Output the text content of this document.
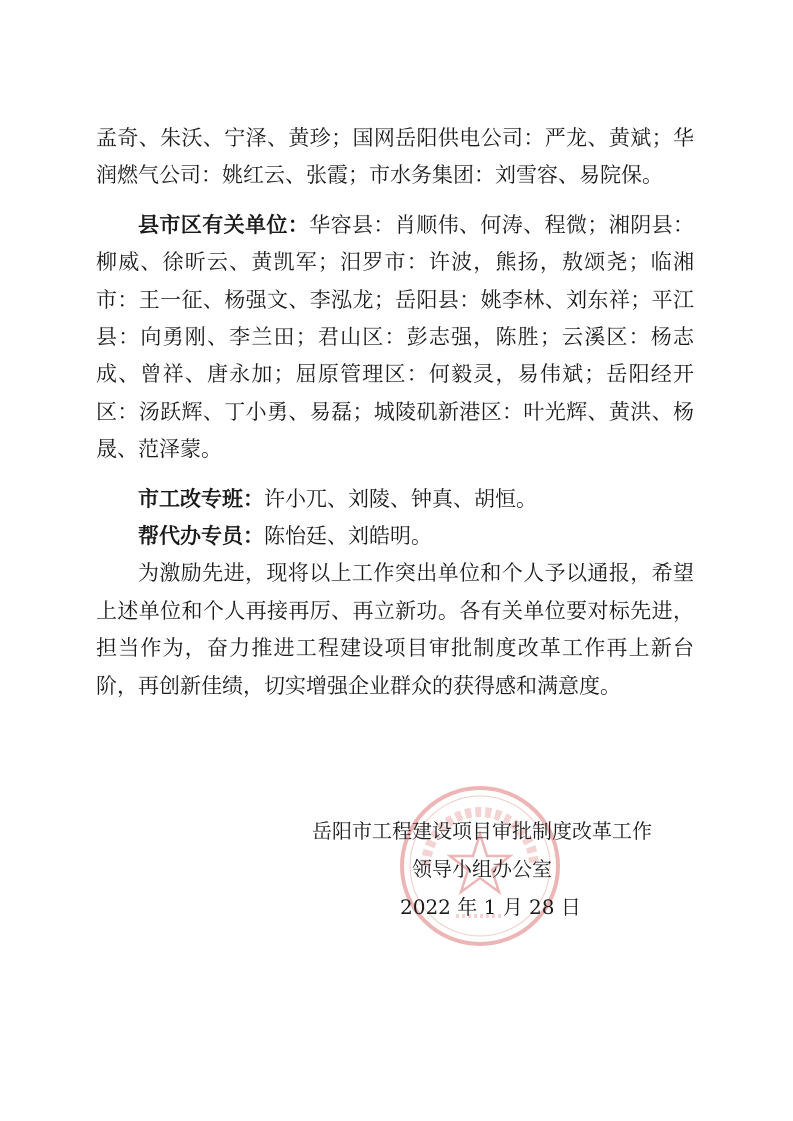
孟奇、朱沃、宁泽、黄珍；国网岳阳供电公司：严龙、黄斌；华润燃气公司：姚红云、张霞；市水务集团：刘雪容、易院保。

县市区有关单位：华容县：肖顺伟、何涛、程微；湘阴县：柳威、徐昕云、黄凯军；汨罗市：许波，熊扬，敖颂尧；临湘市：王一征、杨强文、李泓龙；岳阳县：姚李林、刘东祥；平江县：向勇刚、李兰田；君山区：彭志强，陈胜；云溪区：杨志成、曾祥、唐永加；屈原管理区：何毅灵，易伟斌；岳阳经开区：汤跃辉、丁小勇、易磊；城陵矶新港区：叶光辉、黄洪、杨晟、范泽蒙。

市工改专班：许小兀、刘陵、钟真、胡恒。

帮代办专员：陈怡廷、刘皓明。

为激励先进，现将以上工作突出单位和个人予以通报，希望上述单位和个人再接再厉、再立新功。各有关单位要对标先进，担当作为，奋力推进工程建设项目审批制度改革工作再上新台阶，再创新佳绩，切实增强企业群众的获得感和满意度。

岳阳市工程建设项目审批制度改革工作
领导小组办公室
2022 年 1 月 28 日
